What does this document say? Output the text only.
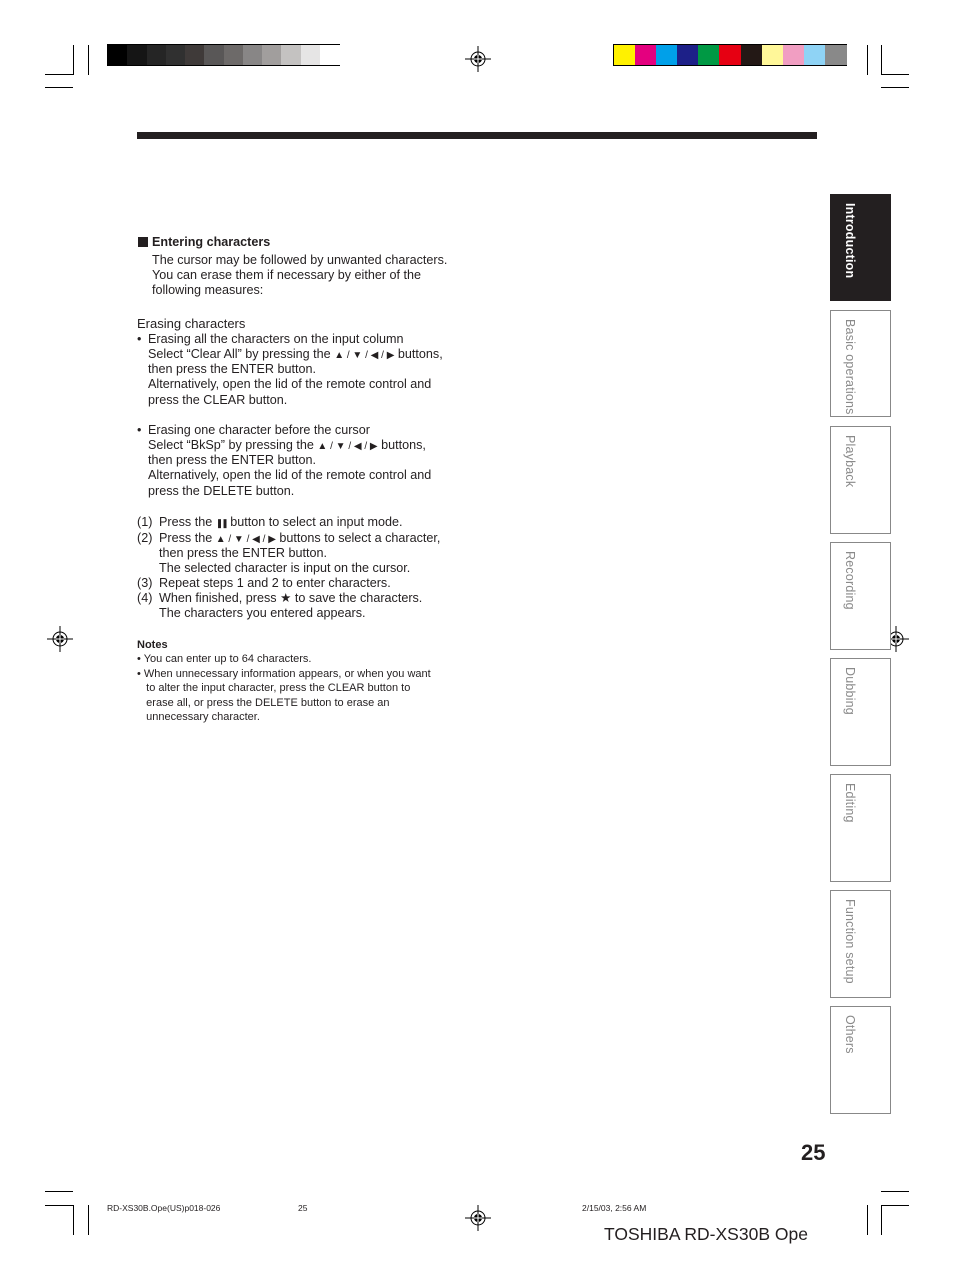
Entering characters
The cursor may be followed by unwanted characters.
You can erase them if necessary by either of the
following measures:
Erasing characters
• Erasing all the characters on the input column
Select “Clear All” by pressing the ▲ / ▼ / ◀ / ▶ buttons,
then press the ENTER button.
Alternatively, open the lid of the remote control and
press the CLEAR button.
• Erasing one character before the cursor
Select “BkSp” by pressing the ▲ / ▼ / ◀ / ▶ buttons,
then press the ENTER button.
Alternatively, open the lid of the remote control and
press the DELETE button.
(1) Press the ❚❚ button to select an input mode.
(2) Press the ▲ / ▼ / ◀ / ▶ buttons to select a character,
then press the ENTER button.
The selected character is input on the cursor.
(3) Repeat steps 1 and 2 to enter characters.
(4) When finished, press ★ to save the characters.
The characters you entered appears.
Notes
• You can enter up to 64 characters.
• When unnecessary information appears, or when you want
to alter the input character, press the CLEAR button to
erase all, or press the DELETE button to erase an
unnecessary character.
Introduction
Basic operations
Playback
Recording
Dubbing
Editing
Function setup
Others
25
RD-XS30B.Ope(US)p018-026	25	2/15/03, 2:56 AM
TOSHIBA RD-XS30B Ope
